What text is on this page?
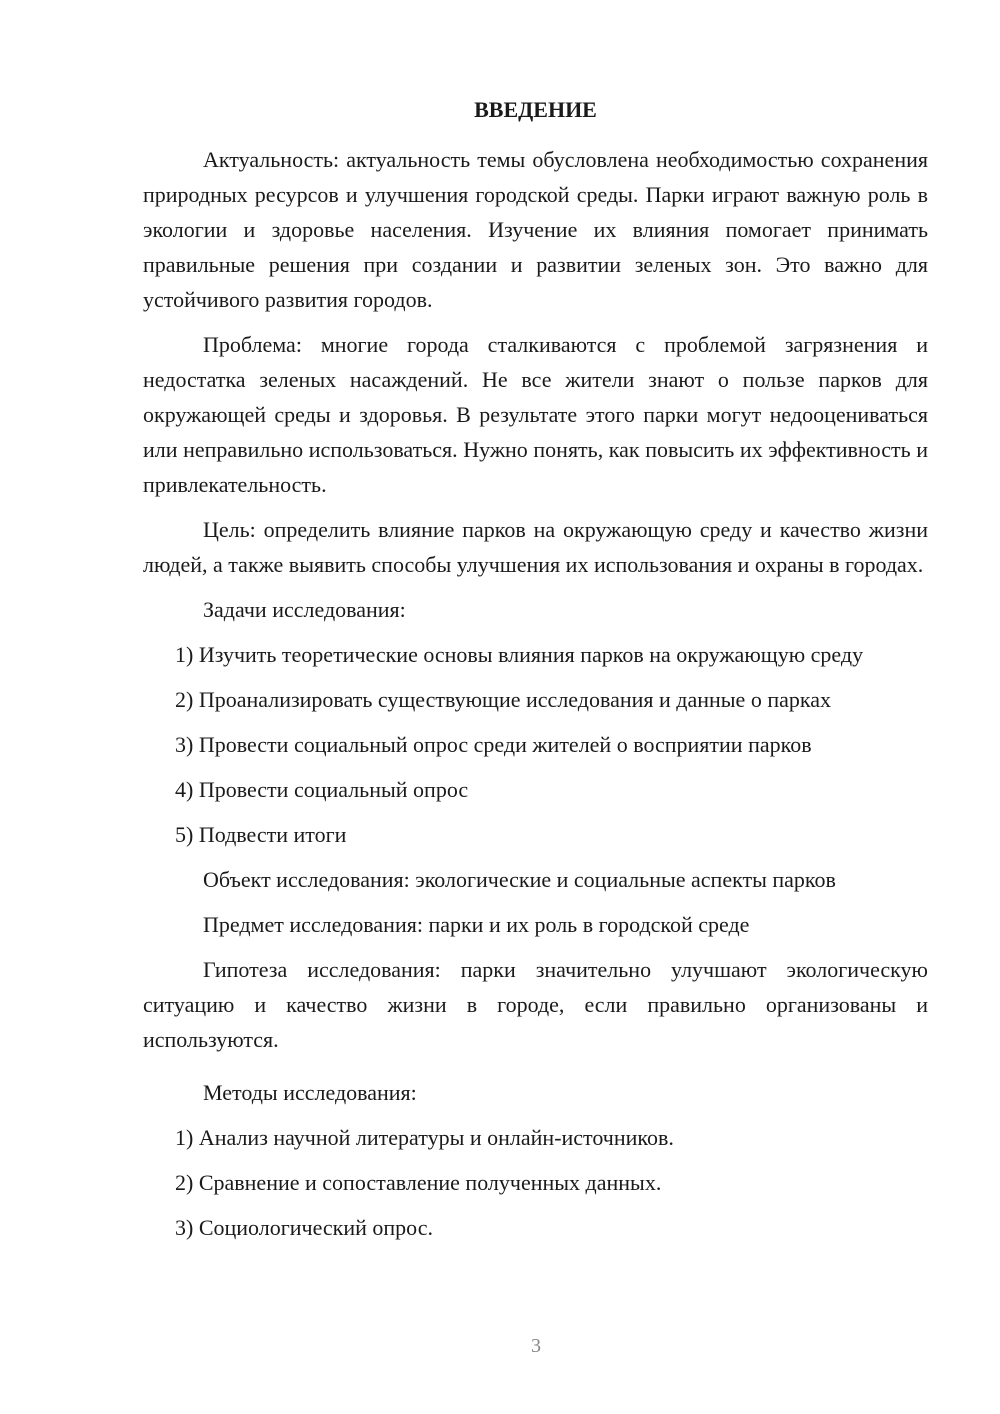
ВВЕДЕНИЕ

Актуальность: актуальность темы обусловлена необходимостью сохранения природных ресурсов и улучшения городской среды. Парки играют важную роль в экологии и здоровье населения. Изучение их влияния помогает принимать правильные решения при создании и развитии зеленых зон. Это важно для устойчивого развития городов.

Проблема: многие города сталкиваются с проблемой загрязнения и недостатка зеленых насаждений. Не все жители знают о пользе парков для окружающей среды и здоровья. В результате этого парки могут недооцениваться или неправильно использоваться. Нужно понять, как повысить их эффективность и привлекательность.

Цель: определить влияние парков на окружающую среду и качество жизни людей, а также выявить способы улучшения их использования и охраны в городах.

Задачи исследования:

1) Изучить теоретические основы влияния парков на окружающую среду

2) Проанализировать существующие исследования и данные о парках

3) Провести социальный опрос среди жителей о восприятии парков

4) Провести социальный опрос

5) Подвести итоги

Объект исследования: экологические и социальные аспекты парков

Предмет исследования: парки и их роль в городской среде

Гипотеза исследования: парки значительно улучшают экологическую ситуацию и качество жизни в городе, если правильно организованы и используются.

Методы исследования:

1) Анализ научной литературы и онлайн-источников.

2) Сравнение и сопоставление полученных данных.

3) Социологический опрос.

3
